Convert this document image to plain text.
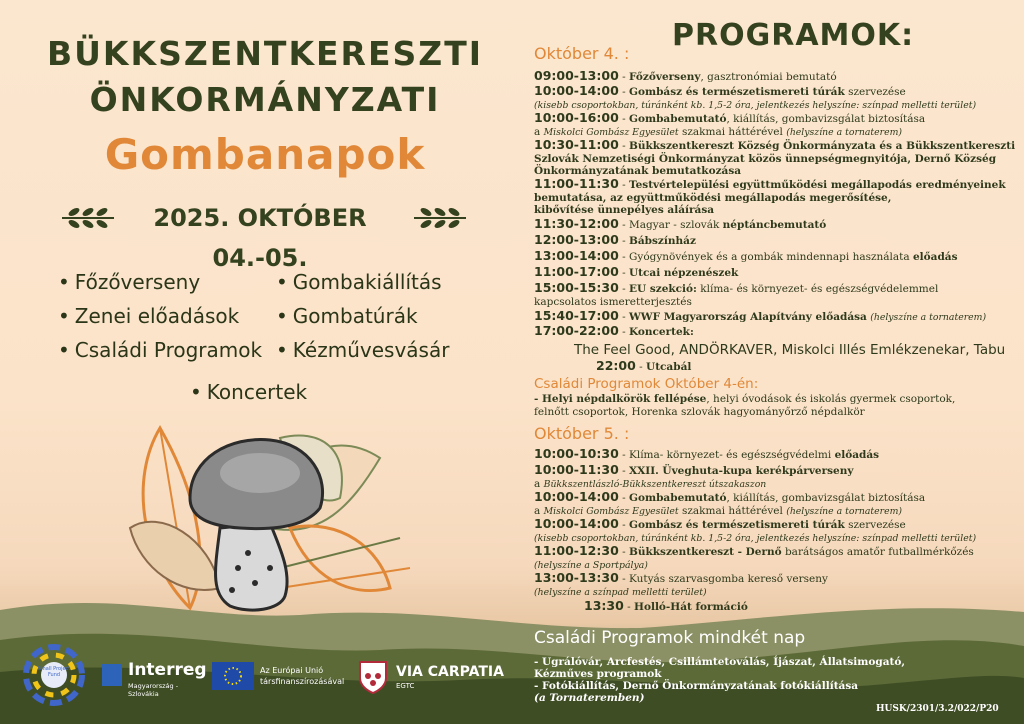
BÜKKSZENTKERESZTI
ÖNKORMÁNYZATI
Gombanapok
2025. OKTÓBER 04.-05.
• Főzőverseny	• Gombakiállítás
• Zenei előadások	• Gombatúrák
• Családi Programok	• Kézművesvásár
• Koncertek
PROGRAMOK:
Október 4. :
09:00-13:00 - Főzőverseny, gasztronómiai bemutató
10:00-14:00 - Gombász és természetismereti túrák szervezése
(kisebb csoportokban, túránként kb. 1,5-2 óra, jelentkezés helyszíne: színpad melletti terület)
10:00-16:00 - Gombabemutató, kiállítás, gombavizsgálat biztosítása
a Miskolci Gombász Egyesület szakmai háttérével (helyszíne a tornaterem)
10:30-11:00 - Bükkszentkereszt Község Önkormányzata és a Bükkszentkereszti
Szlovák Nemzetiségi Önkormányzat közös ünnepségmegnyitója, Dernő Község
Önkormányzatának bemutatkozása
11:00-11:30 - Testvértelepülési együttműködési megállapodás eredményeinek
bemutatása, az együttműködési megállapodás megerősítése,
kibővítése ünnepélyes aláírása
11:30-12:00 - Magyar - szlovák néptáncbemutató
12:00-13:00 - Bábszínház
13:00-14:00 - Gyógynövények és a gombák mindennapi használata előadás
11:00-17:00 - Utcai népzenészek
15:00-15:30 - EU szekció: klíma- és környezet- és egészségvédelemmel
kapcsolatos ismeretterjesztés
15:40-17:00 - WWF Magyarország Alapítvány előadása (helyszíne a tornaterem)
17:00-22:00 - Koncertek:
The Feel Good, ANDÖRKAVER, Miskolci Illés Emlékzenekar, Tabu
22:00 - Utcabál
Családi Programok Október 4-én:
- Helyi népdalkörök fellépése, helyi óvodások és iskolás gyermek csoportok,
felnőtt csoportok, Horenka szlovák hagyományőrző népdalkör
Október 5. :
10:00-10:30 - Klíma- környezet- és egészségvédelmi előadás
10:00-11:30 - XXII. Üveghuta-kupa kerékpárverseny
a Bükkszentlászló-Bükkszentkereszt útszakaszon
10:00-14:00 - Gombabemutató, kiállítás, gombavizsgálat biztosítása
a Miskolci Gombász Egyesület szakmai háttérével (helyszíne a tornaterem)
10:00-14:00 - Gombász és természetismereti túrák szervezése
(kisebb csoportokban, túránként kb. 1,5-2 óra, jelentkezés helyszíne: színpad melletti terület)
11:00-12:30 - Bükkszentkereszt - Dernő barátságos amatőr futballmérkőzés
(helyszíne a Sportpálya)
13:00-13:30 - Kutyás szarvasgomba kereső verseny
(helyszíne a színpad melletti terület)
13:30 - Holló-Hát formáció
Családi Programok mindkét nap
- Ugrálóvár, Arcfestés, Csillámtetoválás, Íjászat, Állatsimogató,
Kézműves programok
- Fotókiállítás, Dernő Önkormányzatának fotókiállítása
(a Tornateremben)
HUSK/2301/3.2/022/P20
Small Project Fund	Interreg
Magyarország - Szlovákia
Az Európai Unió
társfinanszírozásával
VIA CARPATIA
EGTC
